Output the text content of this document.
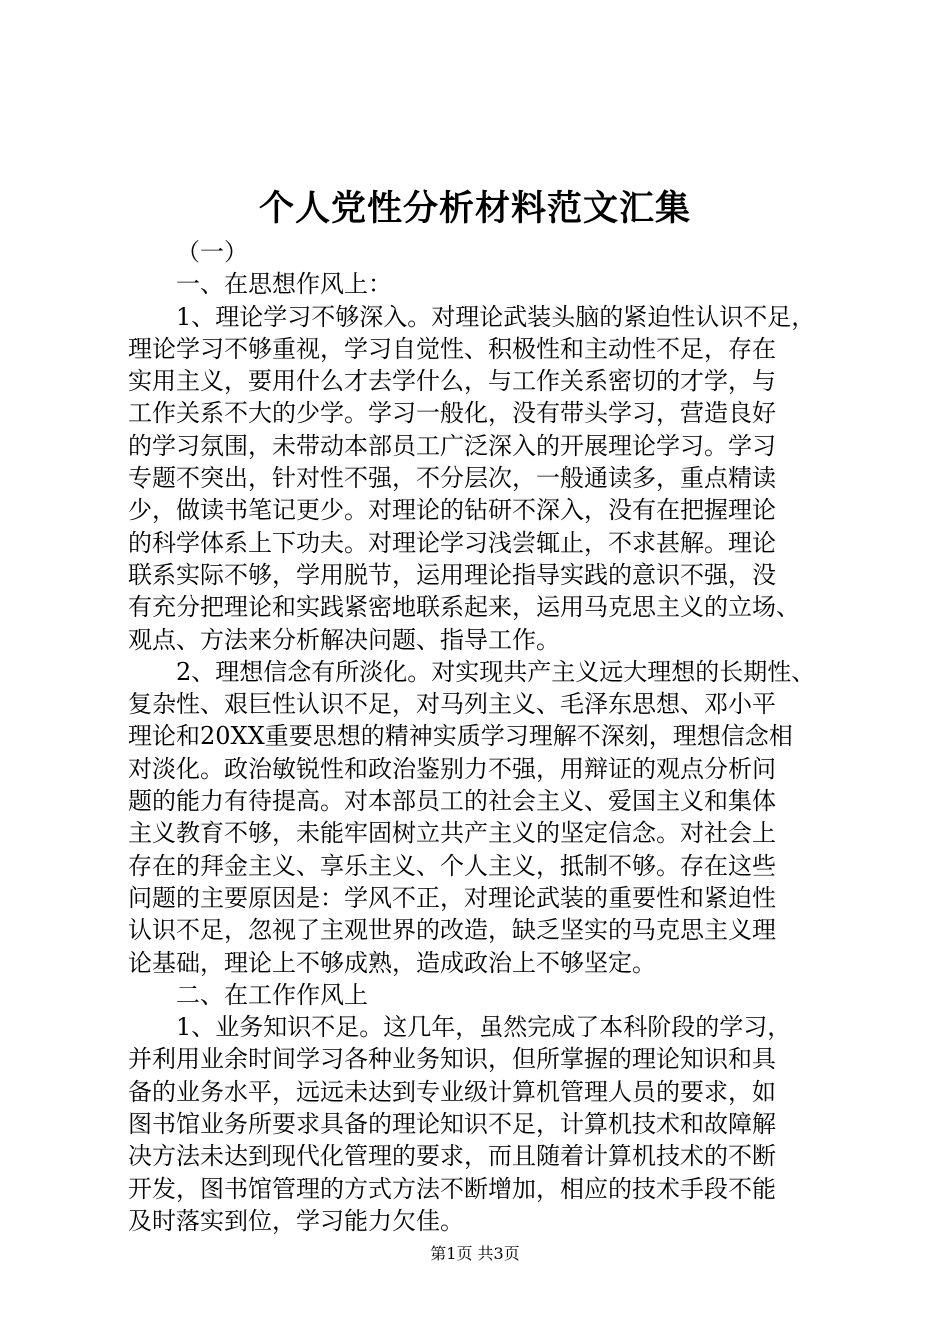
个人党性分析材料范文汇集
（一）
一、在思想作风上：
1、理论学习不够深入。对理论武装头脑的紧迫性认识不足，
理论学习不够重视，学习自觉性、积极性和主动性不足，存在
实用主义，要用什么才去学什么，与工作关系密切的才学，与
工作关系不大的少学。学习一般化，没有带头学习，营造良好
的学习氛围，未带动本部员工广泛深入的开展理论学习。学习
专题不突出，针对性不强，不分层次，一般通读多，重点精读
少，做读书笔记更少。对理论的钻研不深入，没有在把握理论
的科学体系上下功夫。对理论学习浅尝辄止，不求甚解。理论
联系实际不够，学用脱节，运用理论指导实践的意识不强，没
有充分把理论和实践紧密地联系起来，运用马克思主义的立场、
观点、方法来分析解决问题、指导工作。
2、理想信念有所淡化。对实现共产主义远大理想的长期性、
复杂性、艰巨性认识不足，对马列主义、毛泽东思想、邓小平
理论和20XX重要思想的精神实质学习理解不深刻，理想信念相
对淡化。政治敏锐性和政治鉴别力不强，用辩证的观点分析问
题的能力有待提高。对本部员工的社会主义、爱国主义和集体
主义教育不够，未能牢固树立共产主义的坚定信念。对社会上
存在的拜金主义、享乐主义、个人主义，抵制不够。存在这些
问题的主要原因是：学风不正，对理论武装的重要性和紧迫性
认识不足，忽视了主观世界的改造，缺乏坚实的马克思主义理
论基础，理论上不够成熟，造成政治上不够坚定。
二、在工作作风上
1、业务知识不足。这几年，虽然完成了本科阶段的学习，
并利用业余时间学习各种业务知识，但所掌握的理论知识和具
备的业务水平，远远未达到专业级计算机管理人员的要求，如
图书馆业务所要求具备的理论知识不足，计算机技术和故障解
决方法未达到现代化管理的要求，而且随着计算机技术的不断
开发，图书馆管理的方式方法不断增加，相应的技术手段不能
及时落实到位，学习能力欠佳。
第1页 共3页
